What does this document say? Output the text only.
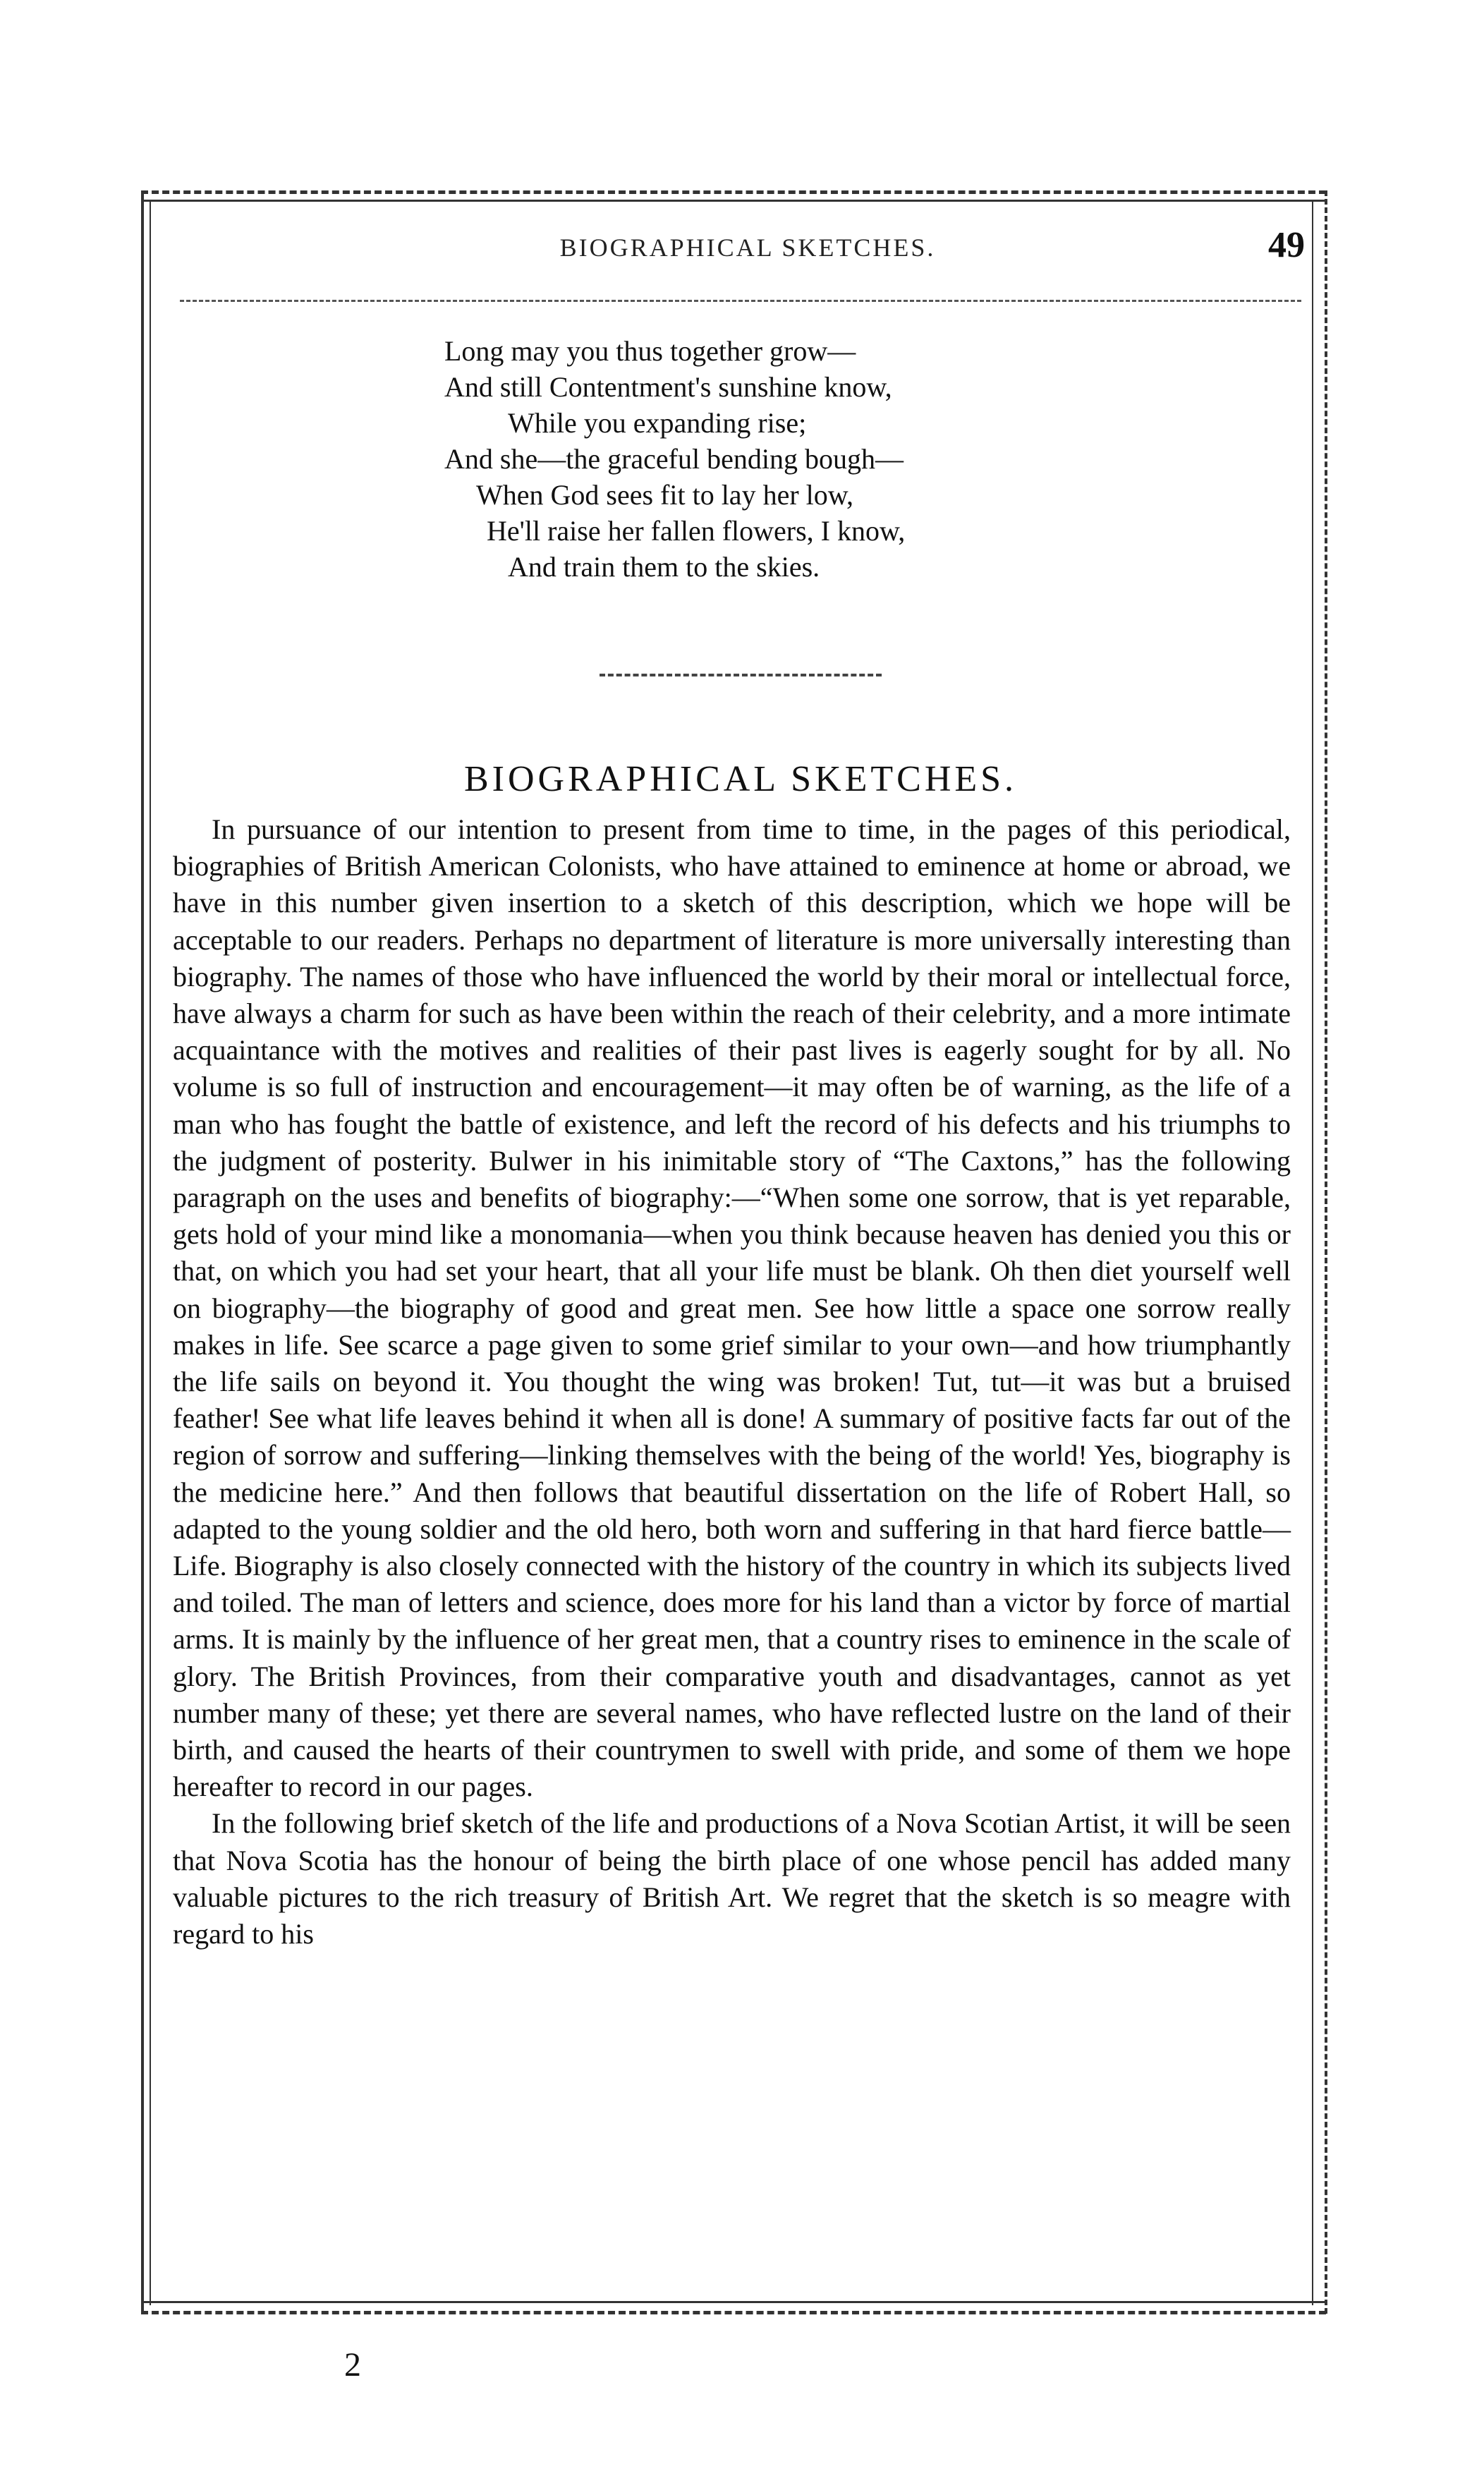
BIOGRAPHICAL SKETCHES.	49
Long may you thus together grow—
And still Contentment's sunshine know,
While you expanding rise;
And she—the graceful bending bough—
When God sees fit to lay her low,
He'll raise her fallen flowers, I know,
And train them to the skies.
BIOGRAPHICAL SKETCHES.

In pursuance of our intention to present from time to time, in the pages of this periodical, biographies of British American Colonists, who have attained to eminence at home or abroad, we have in this number given insertion to a sketch of this description, which we hope will be acceptable to our readers. Perhaps no department of literature is more universally interesting than biography. The names of those who have influenced the world by their moral or intellectual force, have always a charm for such as have been within the reach of their celebrity, and a more intimate acquaintance with the motives and realities of their past lives is eagerly sought for by all. No volume is so full of instruction and encouragement—it may often be of warning, as the life of a man who has fought the battle of existence, and left the record of his defects and his triumphs to the judgment of posterity. Bulwer in his inimitable story of “The Caxtons,” has the following paragraph on the uses and benefits of biography:—“When some one sorrow, that is yet reparable, gets hold of your mind like a monomania—when you think because heaven has denied you this or that, on which you had set your heart, that all your life must be blank. Oh then diet yourself well on biography—the biography of good and great men. See how little a space one sorrow really makes in life. See scarce a page given to some grief similar to your own—and how triumphantly the life sails on beyond it. You thought the wing was broken! Tut, tut—it was but a bruised feather! See what life leaves behind it when all is done! A summary of positive facts far out of the region of sorrow and suffering—linking themselves with the being of the world! Yes, biography is the medicine here.” And then follows that beautiful dissertation on the life of Robert Hall, so adapted to the young soldier and the old hero, both worn and suffering in that hard fierce battle—Life. Biography is also closely connected with the history of the country in which its subjects lived and toiled. The man of letters and science, does more for his land than a victor by force of martial arms. It is mainly by the influence of her great men, that a country rises to eminence in the scale of glory. The British Provinces, from their comparative youth and disadvantages, cannot as yet number many of these; yet there are several names, who have reflected lustre on the land of their birth, and caused the hearts of their countrymen to swell with pride, and some of them we hope hereafter to record in our pages.

In the following brief sketch of the life and productions of a Nova Scotian Artist, it will be seen that Nova Scotia has the honour of being the birth place of one whose pencil has added many valuable pictures to the rich treasury of British Art. We regret that the sketch is so meagre with regard to his

2
